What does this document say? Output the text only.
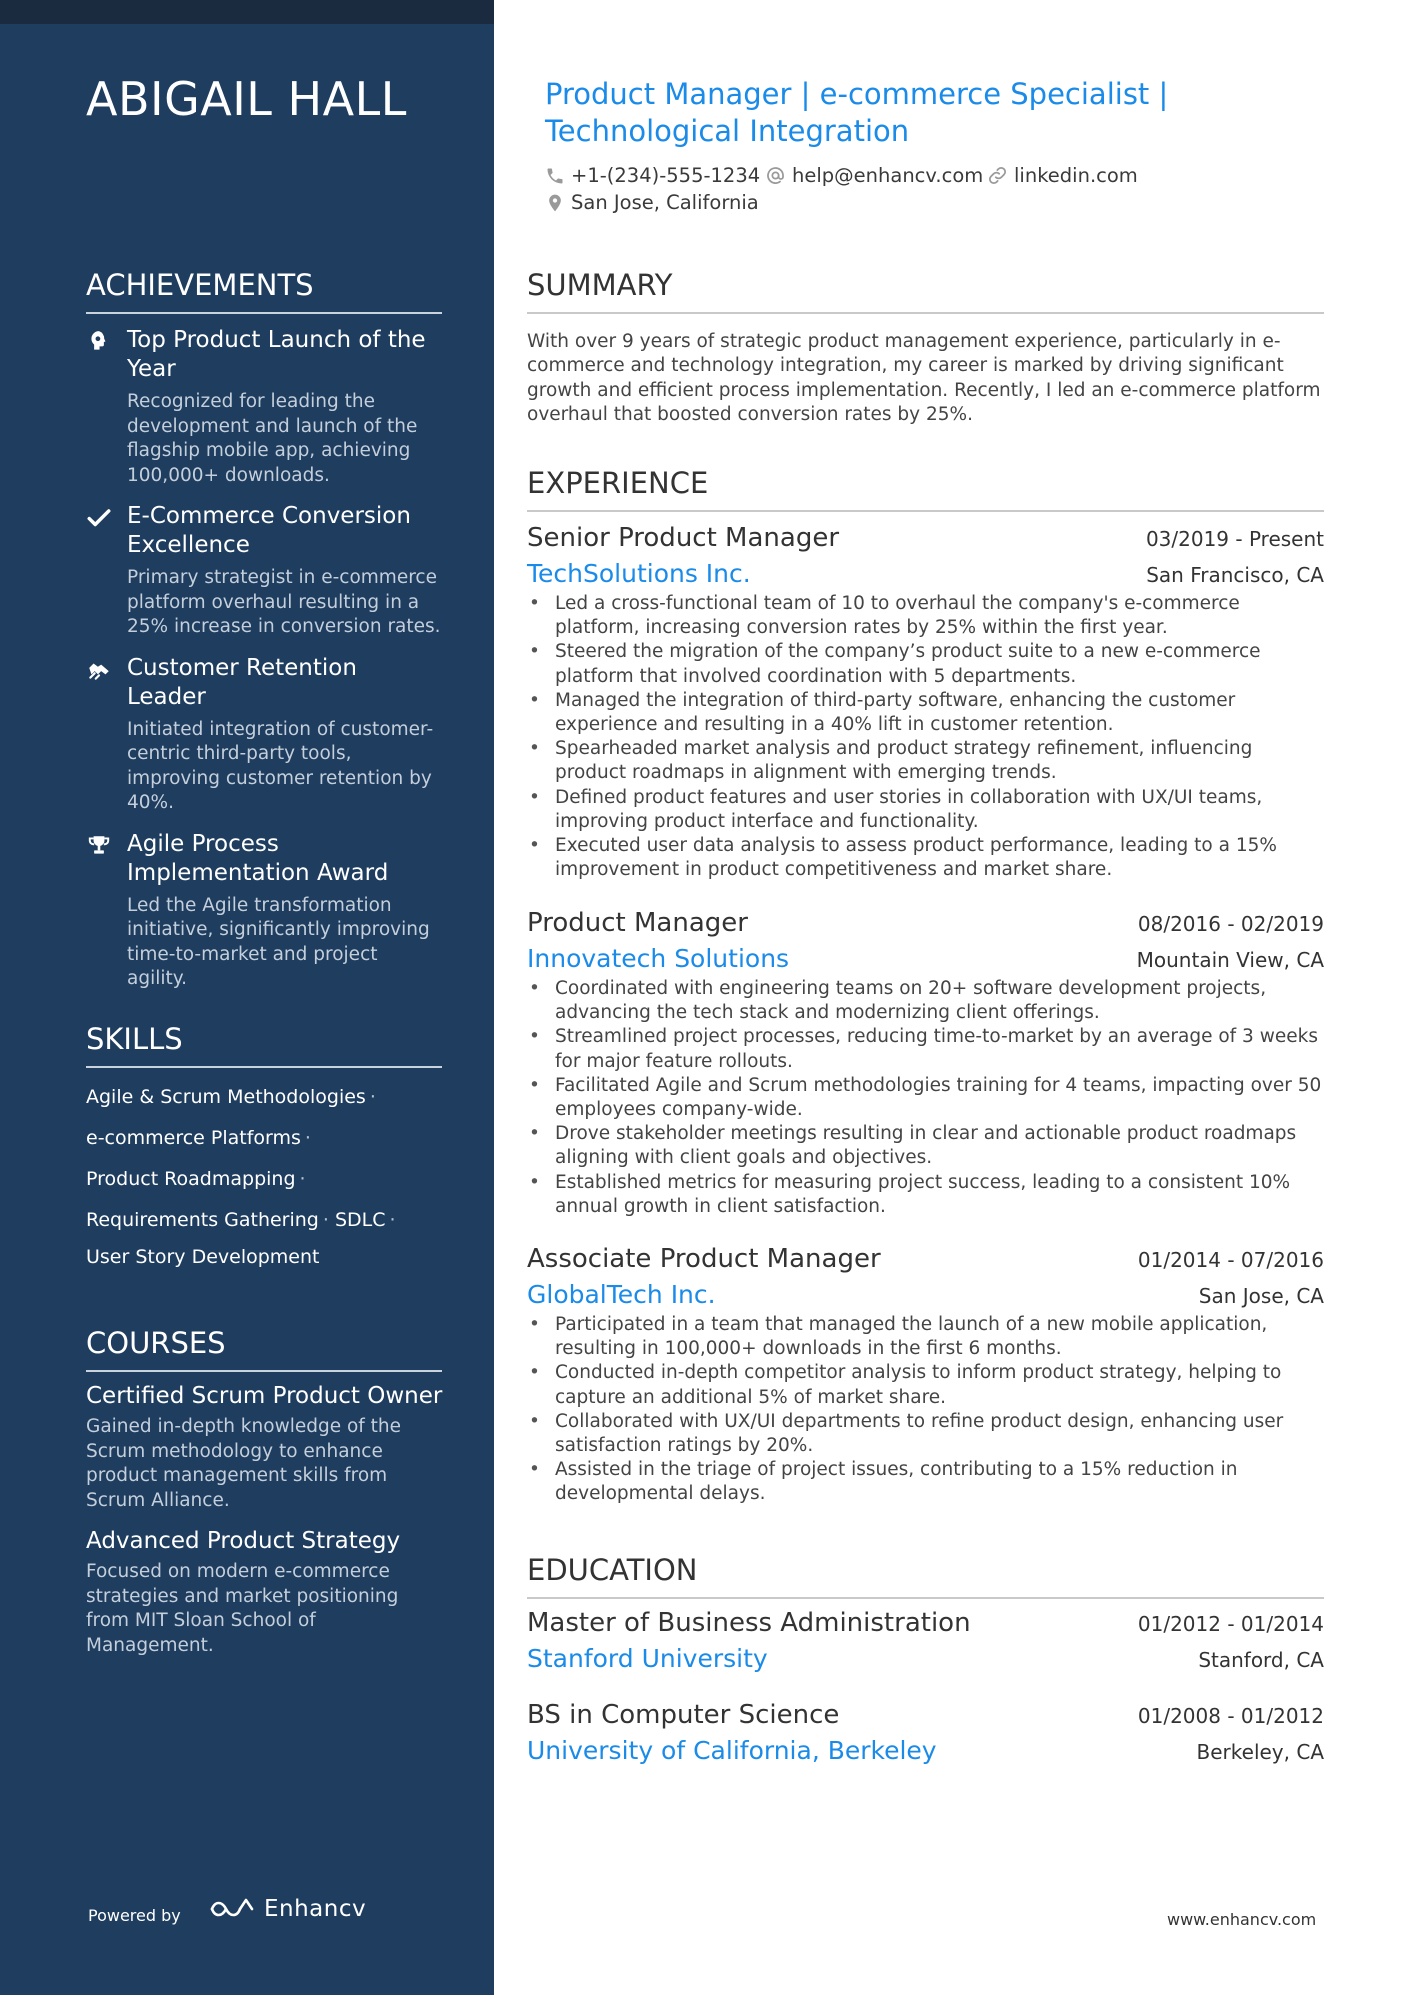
ABIGAIL HALL
ACHIEVEMENTS
Top Product Launch of the Year
Recognized for leading the development and launch of the flagship mobile app, achieving 100,000+ downloads.
E-Commerce Conversion Excellence
Primary strategist in e-commerce platform overhaul resulting in a 25% increase in conversion rates.
Customer Retention Leader
Initiated integration of customer-centric third-party tools, improving customer retention by 40%.
Agile Process Implementation Award
Led the Agile transformation initiative, significantly improving time-to-market and project agility.
SKILLS
Agile & Scrum Methodologies ·
e-commerce Platforms ·
Product Roadmapping ·
Requirements Gathering · SDLC ·
User Story Development
COURSES
Certified Scrum Product Owner
Gained in-depth knowledge of the Scrum methodology to enhance product management skills from Scrum Alliance.
Advanced Product Strategy
Focused on modern e-commerce strategies and market positioning from MIT Sloan School of Management.
Powered by	Enhancv
Product Manager | e-commerce Specialist | Technological Integration
+1-(234)-555-1234 help@enhancv.com linkedin.com
San Jose, California
SUMMARY
With over 9 years of strategic product management experience, particularly in e-commerce and technology integration, my career is marked by driving significant growth and efficient process implementation. Recently, I led an e-commerce platform overhaul that boosted conversion rates by 25%.
EXPERIENCE
Senior Product Manager	03/2019 - Present
TechSolutions Inc.	San Francisco, CA
• Led a cross-functional team of 10 to overhaul the company's e-commerce platform, increasing conversion rates by 25% within the first year.
• Steered the migration of the company’s product suite to a new e-commerce platform that involved coordination with 5 departments.
• Managed the integration of third-party software, enhancing the customer experience and resulting in a 40% lift in customer retention.
• Spearheaded market analysis and product strategy refinement, influencing product roadmaps in alignment with emerging trends.
• Defined product features and user stories in collaboration with UX/UI teams, improving product interface and functionality.
• Executed user data analysis to assess product performance, leading to a 15% improvement in product competitiveness and market share.
Product Manager	08/2016 - 02/2019
Innovatech Solutions	Mountain View, CA
• Coordinated with engineering teams on 20+ software development projects, advancing the tech stack and modernizing client offerings.
• Streamlined project processes, reducing time-to-market by an average of 3 weeks for major feature rollouts.
• Facilitated Agile and Scrum methodologies training for 4 teams, impacting over 50 employees company-wide.
• Drove stakeholder meetings resulting in clear and actionable product roadmaps aligning with client goals and objectives.
• Established metrics for measuring project success, leading to a consistent 10% annual growth in client satisfaction.
Associate Product Manager	01/2014 - 07/2016
GlobalTech Inc.	San Jose, CA
• Participated in a team that managed the launch of a new mobile application, resulting in 100,000+ downloads in the first 6 months.
• Conducted in-depth competitor analysis to inform product strategy, helping to capture an additional 5% of market share.
• Collaborated with UX/UI departments to refine product design, enhancing user satisfaction ratings by 20%.
• Assisted in the triage of project issues, contributing to a 15% reduction in developmental delays.
EDUCATION
Master of Business Administration	01/2012 - 01/2014
Stanford University	Stanford, CA
BS in Computer Science	01/2008 - 01/2012
University of California, Berkeley	Berkeley, CA
www.enhancv.com
